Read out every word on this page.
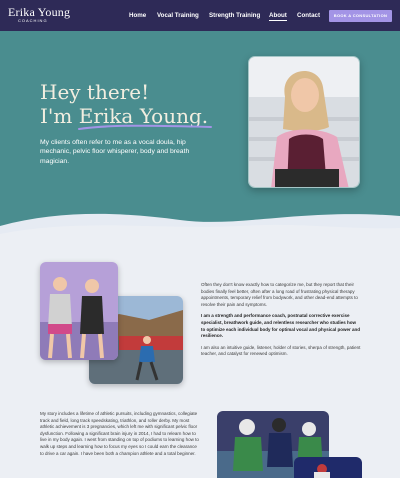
Erika Young
COACHING
Home Vocal Training Strength Training About Contact	BOOK A CONSULTATION
Hey there!
I'm Erika Young
.
My clients often refer to me as a vocal doula, hip mechanic, pelvic floor whisperer, body and breath magician.

Often they don't know exactly how to categorize me, but they report that their bodies finally feel better, often after a long road of frustrating physical therapy appointments, temporary relief from bodywork, and other dead-end attempts to resolve their pain and symptoms.

I am a strength and performance coach, postnatal corrective exercise specialist, breathwork guide, and relentless researcher who studies how to optimize each individual body for optimal vocal and physical power and resilience.

I am also an intuitive guide, listener, holder of stories, sherpa of strength, patient teacher, and catalyst for renewed optimism.

My story includes a lifetime of athletic pursuits, including gymnastics, collegiate track and field, long track speedskating, triathlon, and roller derby. My most athletic achievement is 3 pregnancies, which left me with significant pelvic floor dysfunction. Following a significant brain injury in 2014, I had to relearn how to live in my body again. I went from standing on top of podiums to learning how to walk up steps and learning how to focus my eyes so I could earn the clearance to drive a car again. I have been both a champion athlete and a total beginner.
